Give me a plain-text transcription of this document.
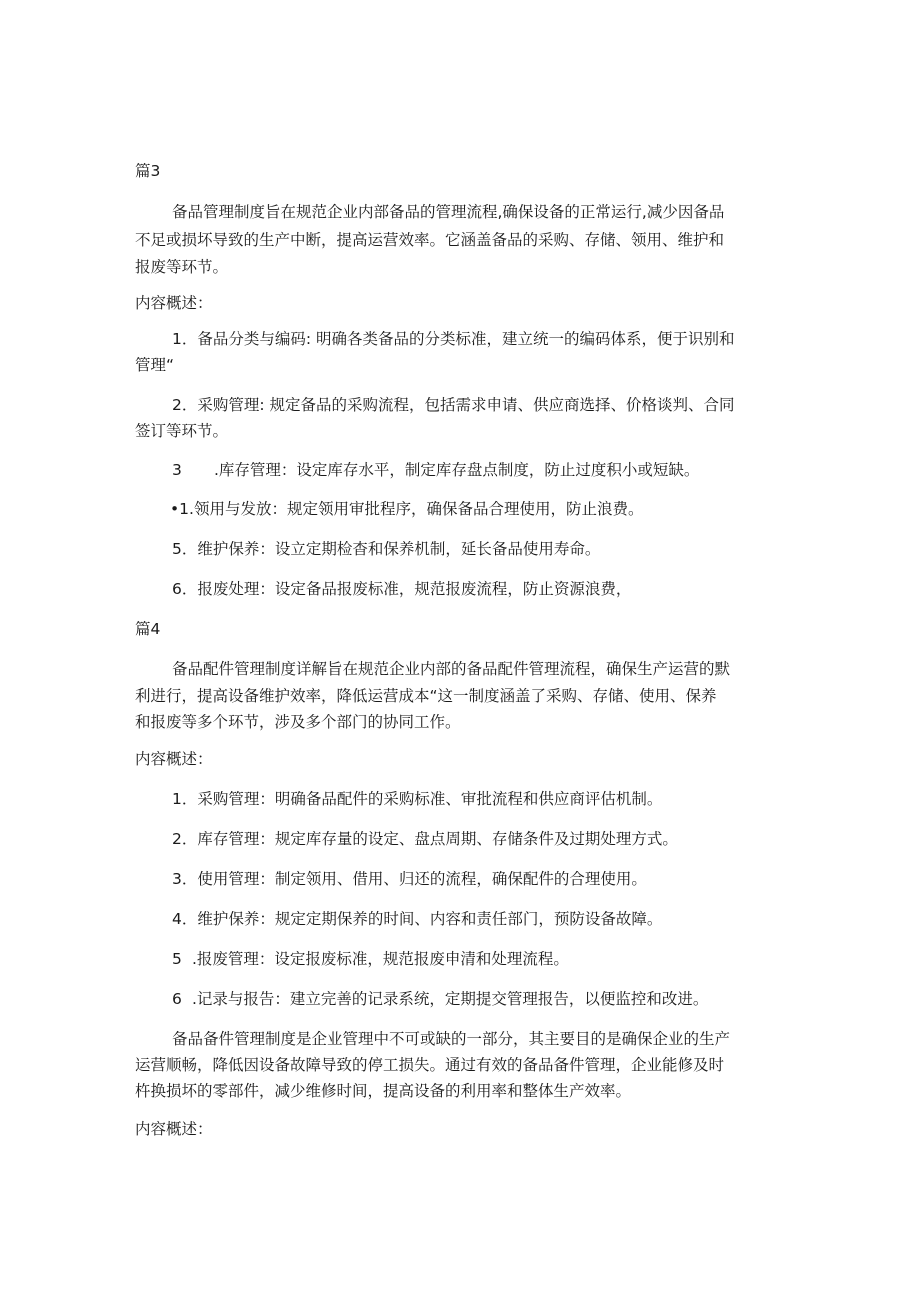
篇3
备品管理制度旨在规范企业内部备品的管理流程,确保设备的正常运行,减少因备品
不足或损坏导致的生产中断，提高运营效率。它涵盖备品的采购、存储、领用、维护和
报废等环节。
内容概述：
1．备品分类与编码: 明确各类备品的分类标准，建立统一的编码体系，便于识别和
管理“
2．采购管理: 规定备品的采购流程，包括需求申请、供应商选择、价格谈判、合同
签订等环节。
3 .库存管理：设定库存水平，制定库存盘点制度，防止过度积小或短缺。
•1.领用与发放：规定领用审批程序，确保备品合理使用，防止浪费。
5．维护保养：设立定期检杳和保养机制，延长备品使用寿命。
6．报废处理：设定备品报废标准，规范报废流程，防止资源浪费，
篇4
备品配件管理制度详解旨在规范企业内部的备品配件管理流程，确保生产运营的默
利进行，提高设备维护效率，降低运营成本“这一制度涵盖了采购、存储、使用、保养
和报废等多个环节，涉及多个部门的协同工作。
内容概述：
1．采购管理：明确备品配件的采购标准、审批流程和供应商评估机制。
2．库存管理：规定库存量的设定、盘点周期、存储条件及过期处理方式。
3．使用管理：制定领用、借用、归还的流程，确保配件的合理使用。
4．维护保养：规定定期保养的时间、内容和责任部门，预防设备故障。
5 .报废管理：设定报废标准，规范报废申清和处理流程。
6 .记录与报告：建立完善的记录系统，定期提交管理报告，以便监控和改进。
备品备件管理制度是企业管理中不可或缺的一部分，其主要目的是确保企业的生产
运营顺畅，降低因设备故障导致的停工损失。通过有效的备品备件管理，企业能修及时
杵换损坏的零部件，减少维修时间，提高设备的利用率和整体生产效率。
内容概述：
